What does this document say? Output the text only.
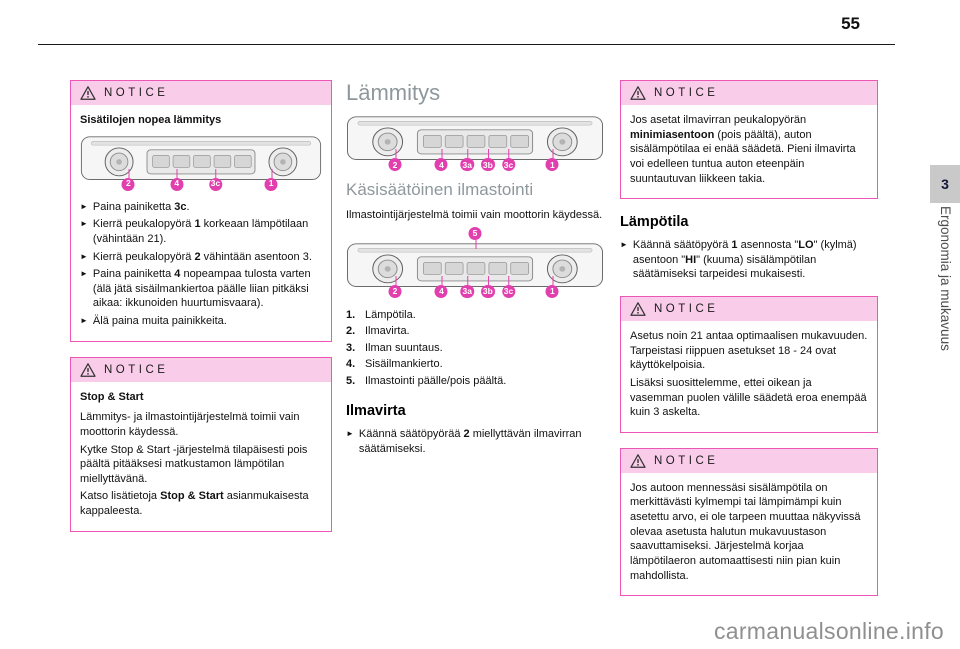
55
3
Ergonomia ja mukavuus
carmanualsonline.info
NOTICE
Sisätilojen nopea lämmitys
2	4	3c	1
► Paina painiketta 3c.
► Kierrä peukalopyörä 1 korkeaan lämpötilaan (vähintään 21).
► Kierrä peukalopyörä 2 vähintään asentoon 3.
► Paina painiketta 4 nopeampaa tulosta varten (älä jätä sisäilmankiertoa päälle liian pitkäksi aikaa: ikkunoiden huurtumisvaara).
► Älä paina muita painikkeita.
NOTICE
Stop & Start
Lämmitys- ja ilmastointijärjestelmä toimii vain moottorin käydessä.
Kytke Stop & Start -järjestelmä tilapäisesti pois päältä pitääksesi matkustamon lämpötilan miellyttävänä.
Katso lisätietoja Stop & Start asianmukaisesta kappaleesta.
Lämmitys
2	4	3a 3b 3c	1
Käsisäätöinen ilmastointi
Ilmastointijärjestelmä toimii vain moottorin käydessä.
5
2	4	3a 3b 3c	1
1. Lämpötila.
2. Ilmavirta.
3. Ilman suuntaus.
4. Sisäilmankierto.
5. Ilmastointi päälle/pois päältä.
Ilmavirta
► Käännä säätöpyörää 2 miellyttävän ilmavirran säätämiseksi.
NOTICE
Jos asetat ilmavirran peukalopyörän minimiasentoon (pois päältä), auton sisälämpötilaa ei enää säädetä. Pieni ilmavirta voi edelleen tuntua auton eteenpäin suuntautuvan liikkeen takia.
Lämpötila
► Käännä säätöpyörä 1 asennosta "LO" (kylmä) asentoon "HI" (kuuma) sisälämpötilan säätämiseksi tarpeidesi mukaisesti.
NOTICE
Asetus noin 21 antaa optimaalisen mukavuuden. Tarpeistasi riippuen asetukset 18 - 24 ovat käyttökelpoisia.
Lisäksi suosittelemme, ettei oikean ja vasemman puolen välille säädetä eroa enempää kuin 3 askelta.
NOTICE
Jos autoon mennessäsi sisälämpötila on merkittävästi kylmempi tai lämpimämpi kuin asetettu arvo, ei ole tarpeen muuttaa näkyvissä olevaa asetusta halutun mukavuustason saavuttamiseksi. Järjestelmä korjaa lämpötilaeron automaattisesti niin pian kuin mahdollista.
